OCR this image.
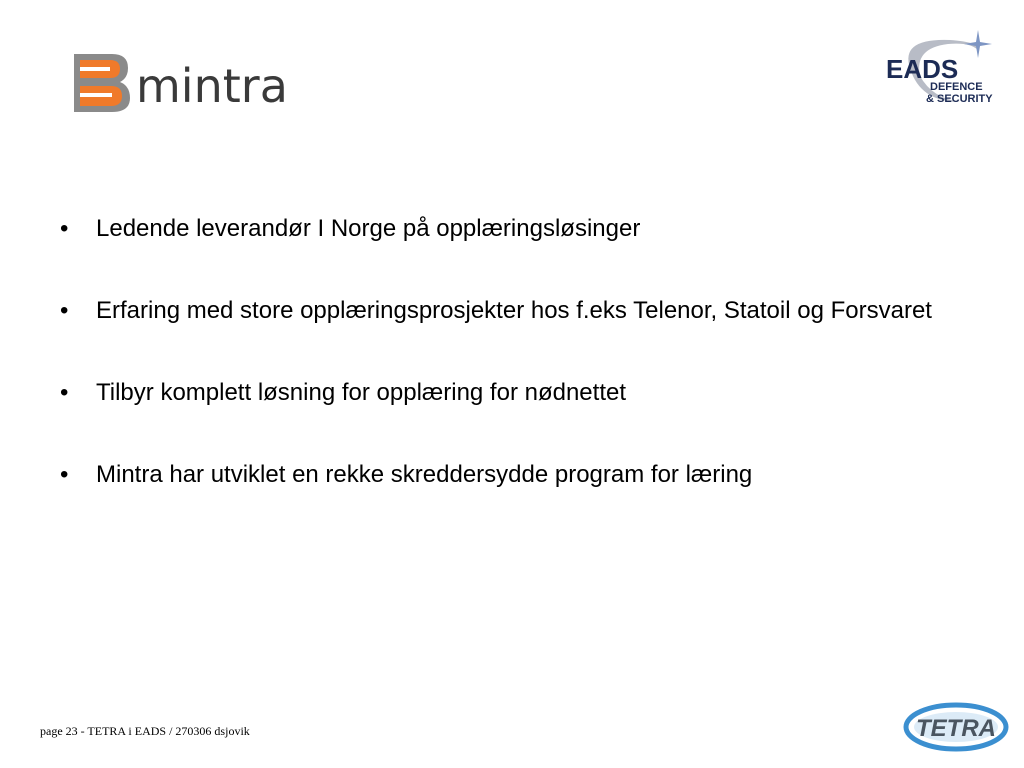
mintra	EADS
DEFENCE
& SECURITY
• Ledende leverandør I Norge på opplæringsløsinger
• Erfaring med store opplæringsprosjekter hos f.eks Telenor, Statoil og Forsvaret
• Tilbyr komplett løsning for opplæring for nødnettet
• Mintra har utviklet en rekke skreddersydde program for læring
page 23 - TETRA i EADS / 270306 dsjovik	TETRA
